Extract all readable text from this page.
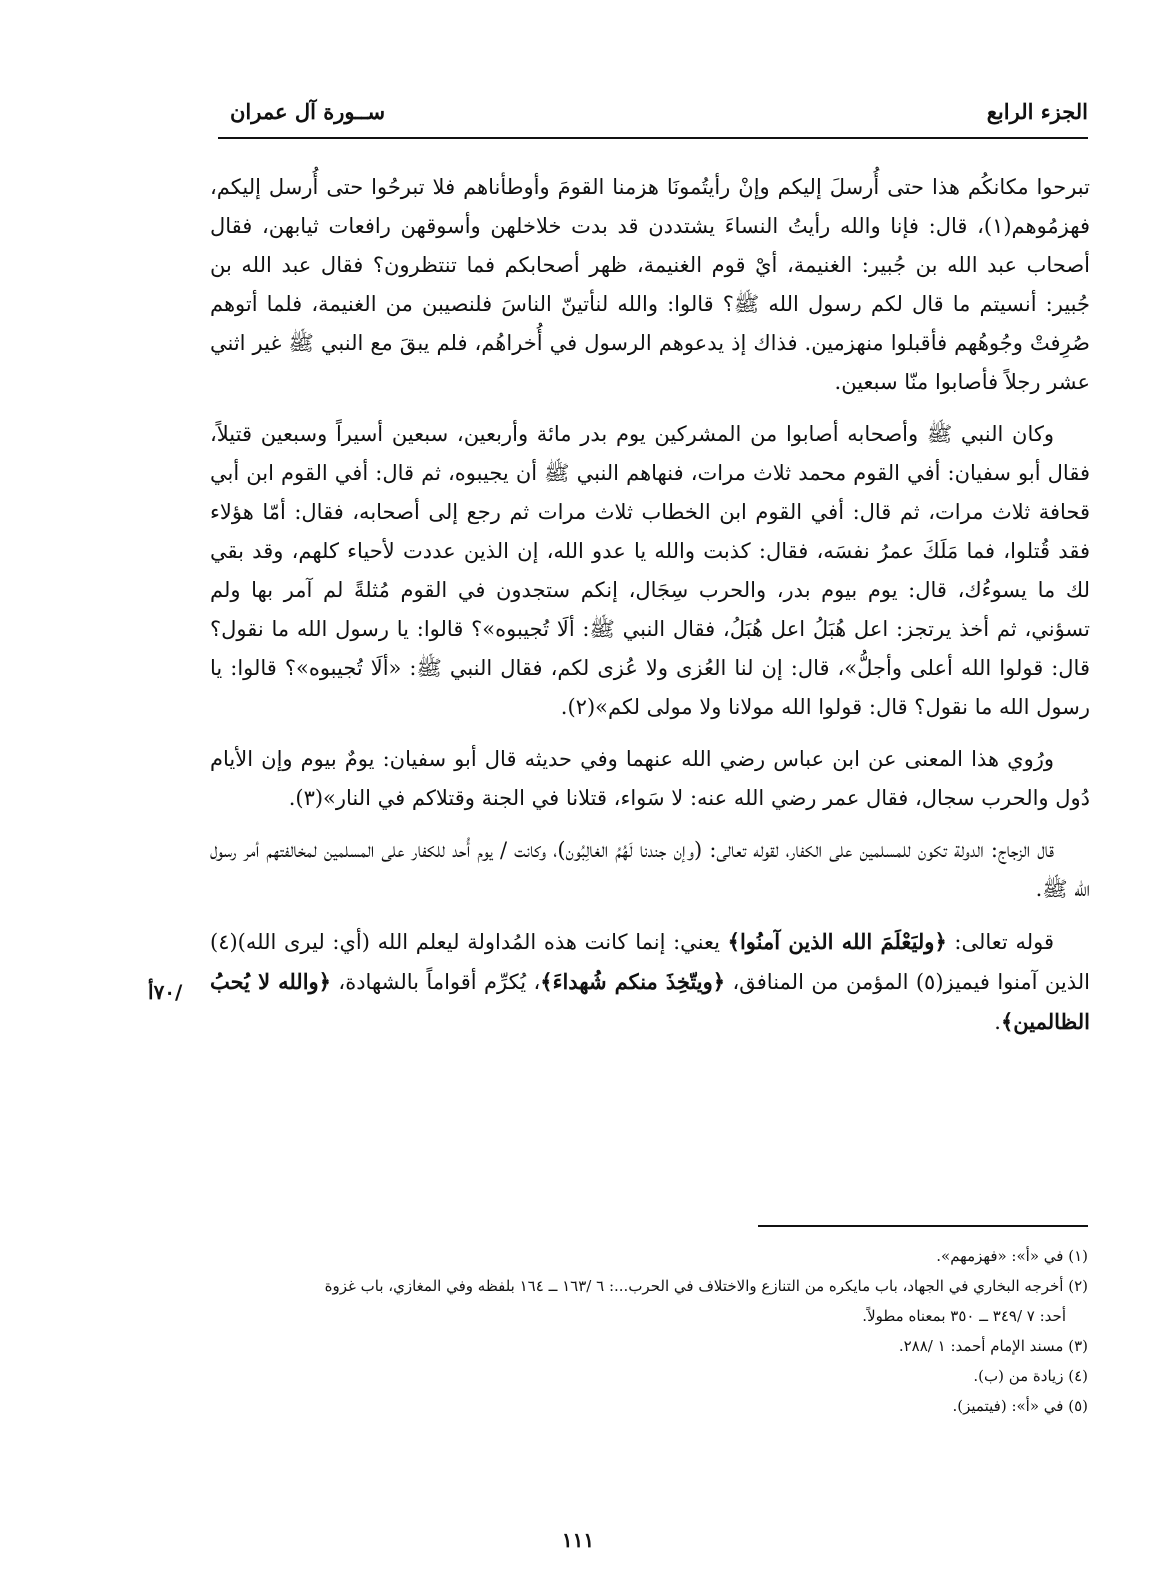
الجزء الرابع
ســورة آل عمران

تبرحوا مكانكُم هذا حتى أُرسلَ إليكم وإنْ رأيتُمونَا هزمنا القومَ وأوطأناهم فلا تبرحُوا حتى أُرسل إليكم، فهزمُوهم(١)، قال: فإنا والله رأيتُ النساءَ يشتددن قد بدت خلاخلهن وأسوقهن رافعات ثيابهن، فقال أصحاب عبد الله بن جُبير: الغنيمة، أيْ قوم الغنيمة، ظهر أصحابكم فما تنتظرون؟ فقال عبد الله بن جُبير: أنسيتم ما قال لكم رسول الله ﷺ؟ قالوا: والله لنأتينّ الناسَ فلنصيبن من الغنيمة، فلما أتوهم صُرِفتْ وجُوهُهم فأقبلوا منهزمين. فذاك إذ يدعوهم الرسول في أُخراهُم، فلم يبقَ مع النبي ﷺ غير اثني عشر رجلاً فأصابوا منّا سبعين.

وكان النبي ﷺ وأصحابه أصابوا من المشركين يوم بدر مائة وأربعين، سبعين أسيراً وسبعين قتيلاً، فقال أبو سفيان: أفي القوم محمد ثلاث مرات، فنهاهم النبي ﷺ أن يجيبوه، ثم قال: أفي القوم ابن أبي قحافة ثلاث مرات، ثم قال: أفي القوم ابن الخطاب ثلاث مرات ثم رجع إلى أصحابه، فقال: أمّا هؤلاء فقد قُتلوا، فما مَلَكَ عمرُ نفسَه، فقال: كذبت والله يا عدو الله، إن الذين عددت لأحياء كلهم، وقد بقي لك ما يسوءُك، قال: يوم بيوم بدر، والحرب سِجَال، إنكم ستجدون في القوم مُثلةً لم آمر بها ولم تسؤني، ثم أخذ يرتجز: اعل هُبَلُ اعل هُبَلُ، فقال النبي ﷺ: ألَا تُجيبوه»؟ قالوا: يا رسول الله ما نقول؟ قال: قولوا الله أعلى وأجلُّ»، قال: إن لنا العُزى ولا عُزى لكم، فقال النبي ﷺ: «ألَا تُجيبوه»؟ قالوا: يا رسول الله ما نقول؟ قال: قولوا الله مولانا ولا مولى لكم»(٢).

ورُوي هذا المعنى عن ابن عباس رضي الله عنهما وفي حديثه قال أبو سفيان: يومٌ بيوم وإن الأيام دُول والحرب سجال، فقال عمر رضي الله عنه: لا سَواء، قتلانا في الجنة وقتلاكم في النار»(٣).

قال الزجاج: الدولة تكون للمسلمين على الكفار، لقوله تعالى: (وإن جندنا لَهُمُ الغالِبُون)، وكانت / يوم أُحد للكفار على المسلمين لمخالفتهم أمر رسول الله ﷺ.

قوله تعالى: ﴿وليَعْلَمَ الله الذين آمنُوا﴾ يعني: إنما كانت هذه المُداولة ليعلم الله (أي: ليرى الله)(٤) الذين آمنوا فيميز(٥) المؤمن من المنافق، ﴿ويتّخِذَ منكم شُهداءَ﴾، يُكرِّم أقواماً بالشهادة، ﴿والله لا يُحبُ الظالمين﴾.

/٧٠أ

(١) في «أ»: «فهزمهم».

(٢) أخرجه البخاري في الجهاد، باب مايكره من التنازع والاختلاف في الحرب...: ٦ /١٦٣ ــ ١٦٤ بلفظه وفي المغازي، باب غزوة

أحد: ٧ /٣٤٩ ــ ٣٥٠ بمعناه مطولاً.

(٣) مسند الإمام أحمد: ١ /٢٨٨.

(٤) زيادة من (ب).

(٥) في «أ»: (فيتميز).

١١١
